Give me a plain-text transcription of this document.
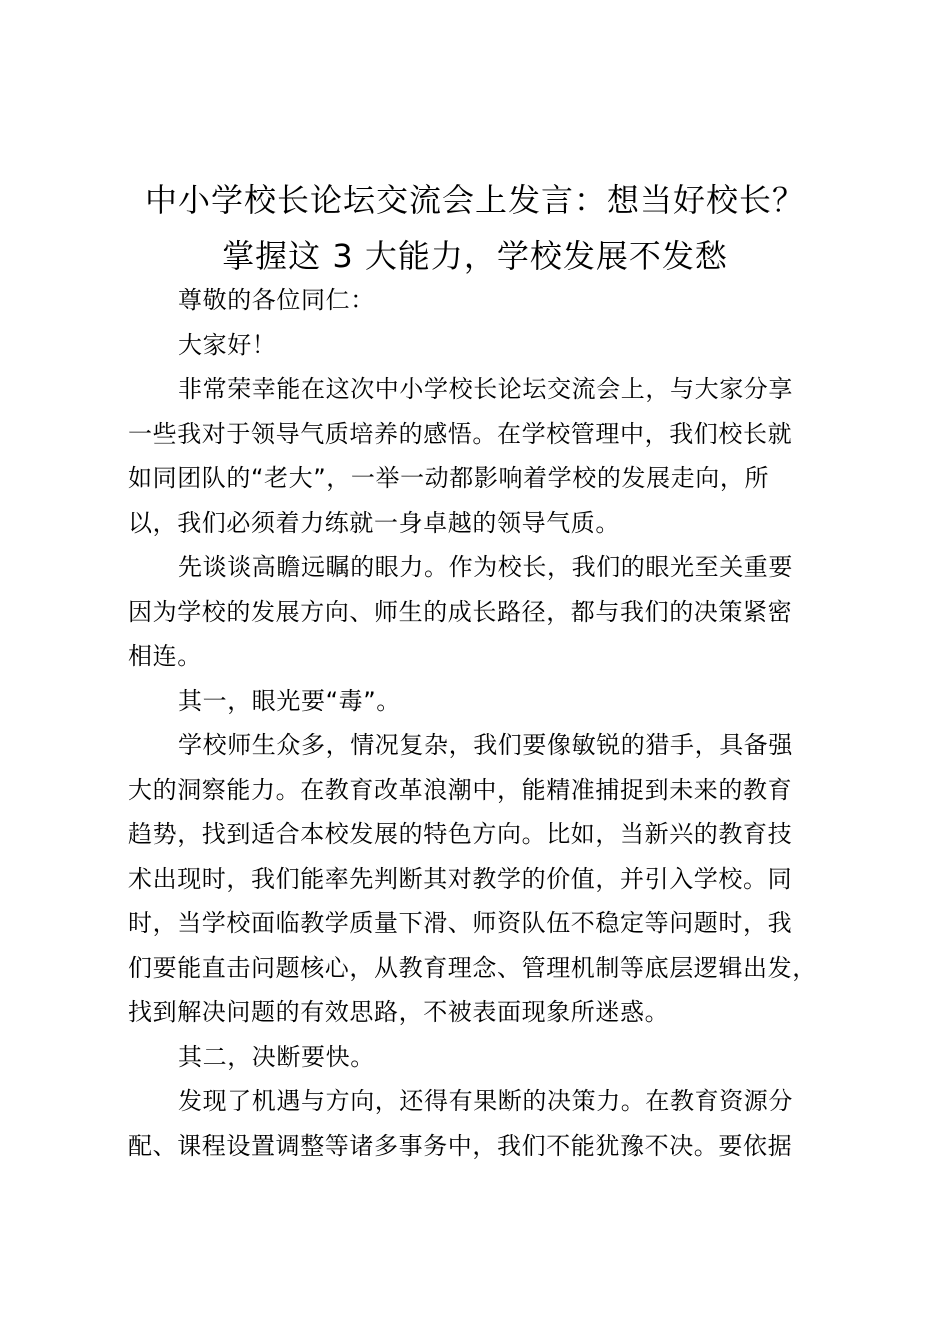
中小学校长论坛交流会上发言：想当好校长？
掌握这 3 大能力，学校发展不发愁

尊敬的各位同仁：

大家好！

非常荣幸能在这次中小学校长论坛交流会上，与大家分享
一些我对于领导气质培养的感悟。在学校管理中，我们校长就
如同团队的“老大”，一举一动都影响着学校的发展走向，所
以，我们必须着力练就一身卓越的领导气质。

先谈谈高瞻远瞩的眼力。作为校长，我们的眼光至关重要
因为学校的发展方向、师生的成长路径，都与我们的决策紧密
相连。

其一，眼光要“毒”。

学校师生众多，情况复杂，我们要像敏锐的猎手，具备强
大的洞察能力。在教育改革浪潮中，能精准捕捉到未来的教育
趋势，找到适合本校发展的特色方向。比如，当新兴的教育技
术出现时，我们能率先判断其对教学的价值，并引入学校。同
时，当学校面临教学质量下滑、师资队伍不稳定等问题时，我
们要能直击问题核心，从教育理念、管理机制等底层逻辑出发，
找到解决问题的有效思路，不被表面现象所迷惑。

其二，决断要快。

发现了机遇与方向，还得有果断的决策力。在教育资源分
配、课程设置调整等诸多事务中，我们不能犹豫不决。要依据
